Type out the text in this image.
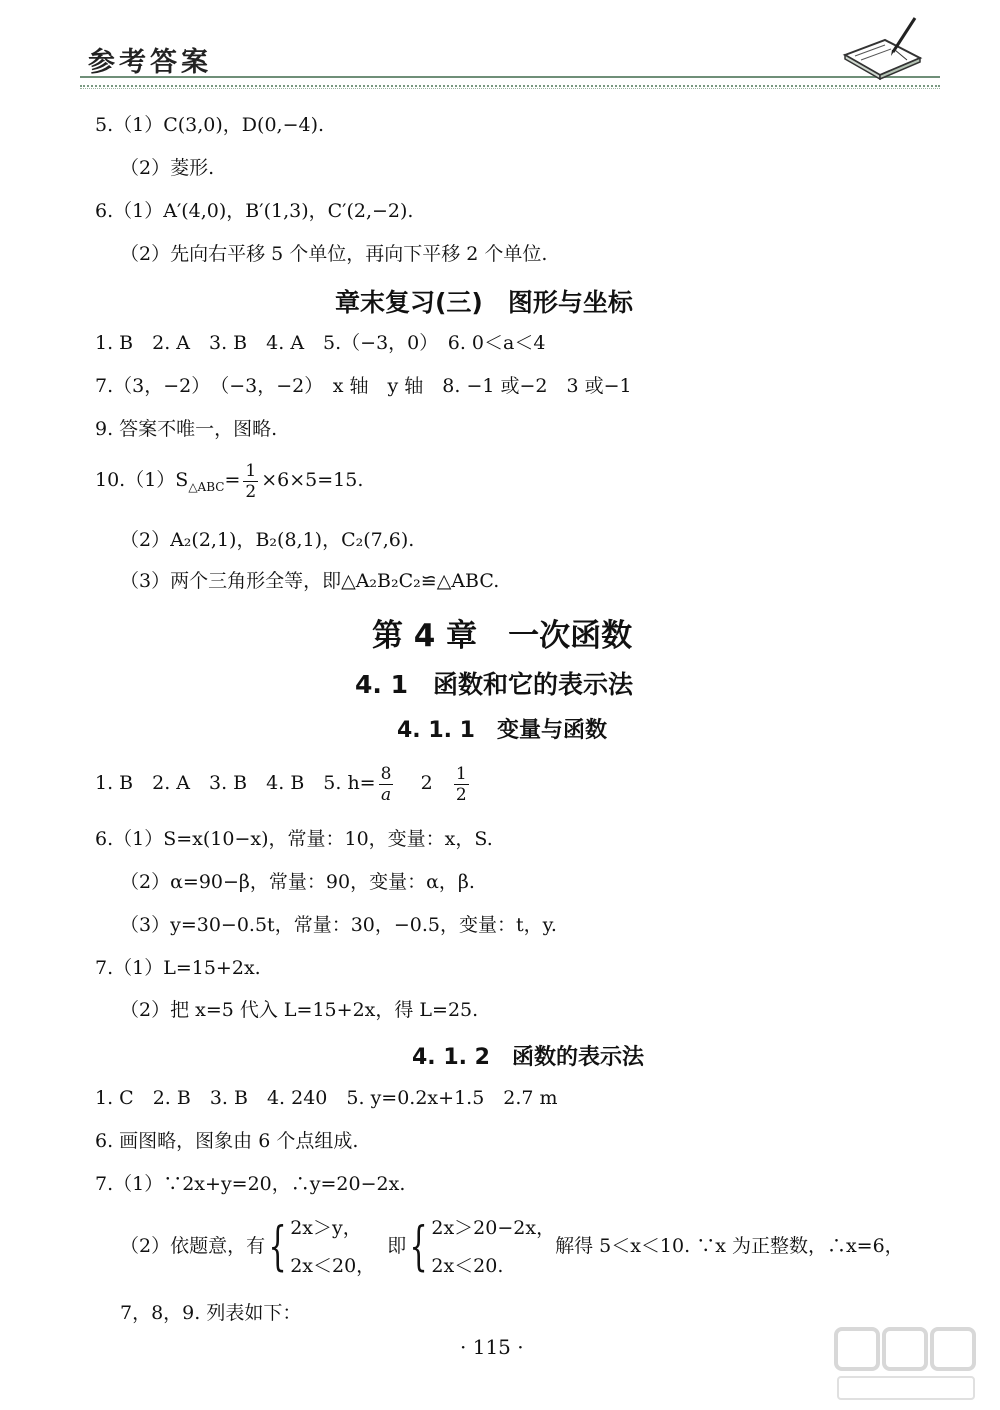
参考答案
5.（1）C(3,0)，D(0,−4).
（2）菱形.
6.（1）A′(4,0)，B′(1,3)，C′(2,−2).
（2）先向右平移 5 个单位，再向下平移 2 个单位.
章末复习(三)　图形与坐标
1. B　2. A　3. B　4. A　5.（−3，0）　6. 0＜a＜4
7.（3，−2）　（−3，−2）　x 轴　y 轴　8. −1 或−2　3 或−1
9. 答案不唯一，图略.
$10.(1)S_{\triangle ABC}= \frac{1}{2} \times 6\times 5=15$.
（2）A₂(2,1)，B₂(8,1)，C₂(7,6).
（3）两个三角形全等，即△A₂B₂C₂≌△ABC.
第 4 章　一次函数
4. 1　函数和它的表示法
4. 1. 1　变量与函数
1. B　2. A　3. B　4. B　5. $h= \frac{8}{a} 2 \frac{1}{2}$
6.（1）S=x(10−x)，常量：10，变量：x，S.
（2）α=90−β，常量：90，变量：α，β.
（3）y=30−0.5t，常量：30，−0.5，变量：t，y.
7.（1）L=15+2x.
（2）把 x=5 代入 L=15+2x，得 L=25.
4. 1. 2　函数的表示法
1. C　2. B　3. B　4. 240　5. y=0.2x+1.5　2.7 m
6. 画图略，图象由 6 个点组成.
7.（1）∵2x+y=20，∴y=20−2x.
（2）依题意，有{ 2x＞y，
2x＜20，
即{ 2x＞20−2x，
2x＜20.
解得 5＜x＜10. ∵x 为正整数，∴x=6，
7，8，9. 列表如下：
· 115 ·
